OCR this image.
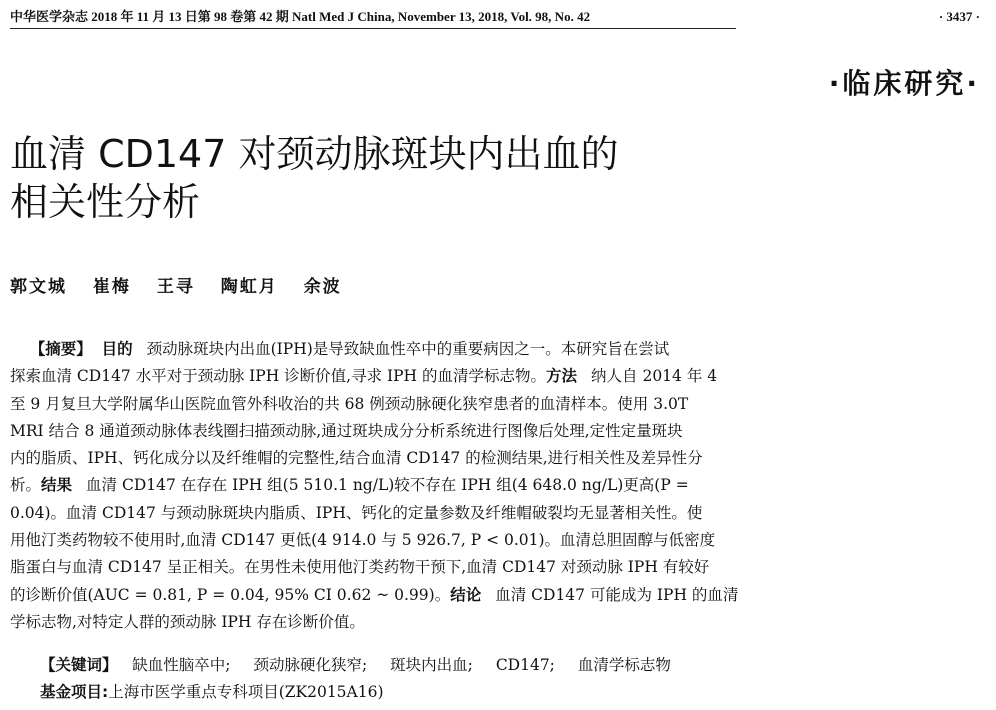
中华医学杂志 2018 年 11 月 13 日第 98 卷第 42 期 Natl Med J China, November 13, 2018, Vol. 98, No. 42	· 3437 ·
·临床研究·
血清 CD147 对颈动脉斑块内出血的
相关性分析
郭文城 崔梅 王寻 陶虹月 余波
【摘要】 目的 颈动脉斑块内出血(IPH)是导致缺血性卒中的重要病因之一。本研究旨在尝试
探索血清 CD147 水平对于颈动脉 IPH 诊断价值,寻求 IPH 的血清学标志物。方法 纳人自 2014 年 4
至 9 月复旦大学附属华山医院血管外科收治的共 68 例颈动脉硬化狭窄患者的血清样本。使用 3.0T
MRI 结合 8 通道颈动脉体表线圈扫描颈动脉,通过斑块成分分析系统进行图像后处理,定性定量斑块
内的脂质、IPH、钙化成分以及纤维帽的完整性,结合血清 CD147 的检测结果,进行相关性及差异性分
析。结果 血清 CD147 在存在 IPH 组(5 510.1 ng/L)较不存在 IPH 组(4 648.0 ng/L)更高(P =
0.04)。血清 CD147 与颈动脉斑块内脂质、IPH、钙化的定量参数及纤维帽破裂均无显著相关性。使
用他汀类药物较不使用时,血清 CD147 更低(4 914.0 与 5 926.7, P < 0.01)。血清总胆固醇与低密度
脂蛋白与血清 CD147 呈正相关。在男性未使用他汀类药物干预下,血清 CD147 对颈动脉 IPH 有较好
的诊断价值(AUC = 0.81, P = 0.04, 95% CI 0.62 ~ 0.99)。结论 血清 CD147 可能成为 IPH 的血清
学标志物,对特定人群的颈动脉 IPH 存在诊断价值。
【关键词】 缺血性脑卒中; 颈动脉硬化狭窄; 斑块内出血; CD147; 血清学标志物
基金项目:上海市医学重点专科项目(ZK2015A16)
